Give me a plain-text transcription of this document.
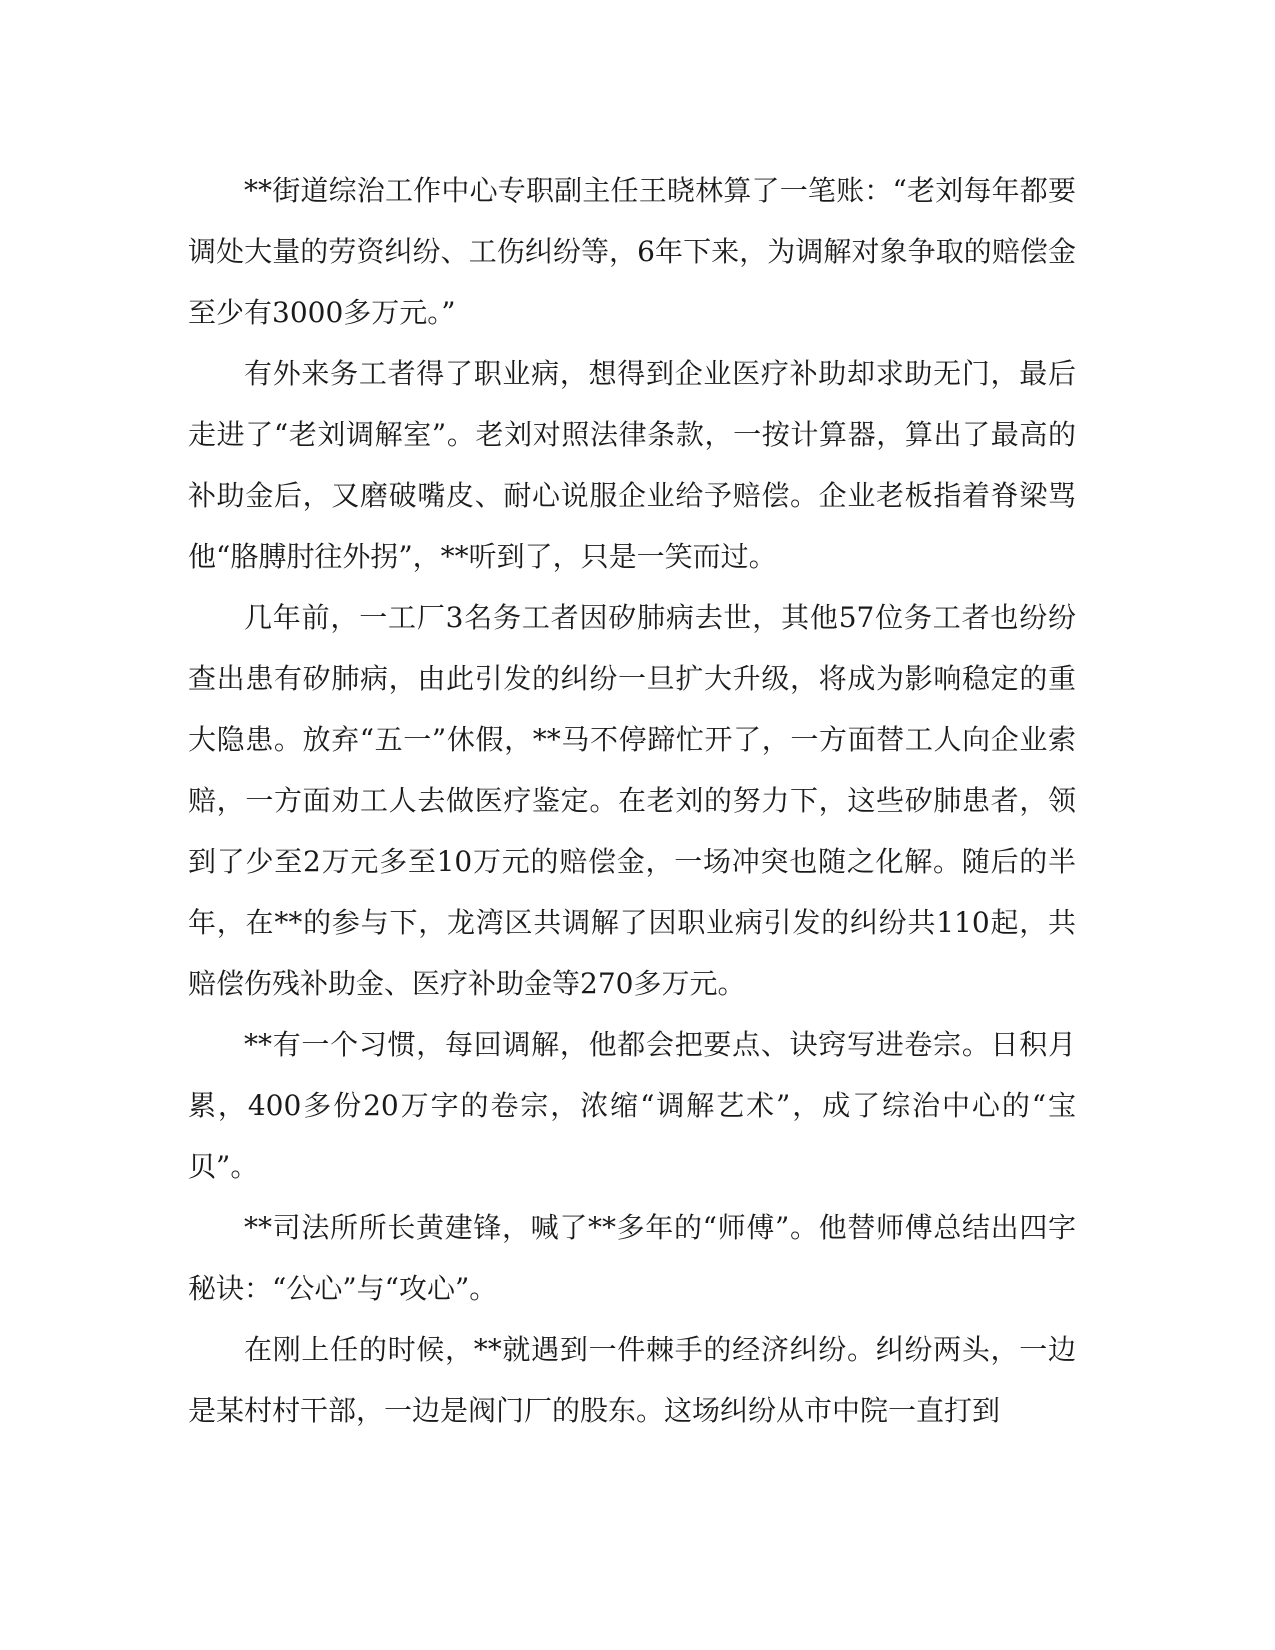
**街道综治工作中心专职副主任王晓林算了一笔账：“老刘每年都要调处大量的劳资纠纷、工伤纠纷等，6年下来，为调解对象争取的赔偿金至少有3000多万元。”

有外来务工者得了职业病，想得到企业医疗补助却求助无门，最后走进了“老刘调解室”。老刘对照法律条款，一按计算器，算出了最高的补助金后，又磨破嘴皮、耐心说服企业给予赔偿。企业老板指着脊梁骂他“胳膊肘往外拐”，**听到了，只是一笑而过。

几年前，一工厂3名务工者因矽肺病去世，其他57位务工者也纷纷查出患有矽肺病，由此引发的纠纷一旦扩大升级，将成为影响稳定的重大隐患。放弃“五一”休假，**马不停蹄忙开了，一方面替工人向企业索赔，一方面劝工人去做医疗鉴定。在老刘的努力下，这些矽肺患者，领到了少至2万元多至10万元的赔偿金，一场冲突也随之化解。随后的半年，在**的参与下，龙湾区共调解了因职业病引发的纠纷共110起，共赔偿伤残补助金、医疗补助金等270多万元。

**有一个习惯，每回调解，他都会把要点、诀窍写进卷宗。日积月累，400多份20万字的卷宗，浓缩“调解艺术”，成了综治中心的“宝贝”。

**司法所所长黄建锋，喊了**多年的“师傅”。他替师傅总结出四字秘诀：“公心”与“攻心”。

在刚上任的时候，**就遇到一件棘手的经济纠纷。纠纷两头，一边是某村村干部，一边是阀门厂的股东。这场纠纷从市中院一直打到
